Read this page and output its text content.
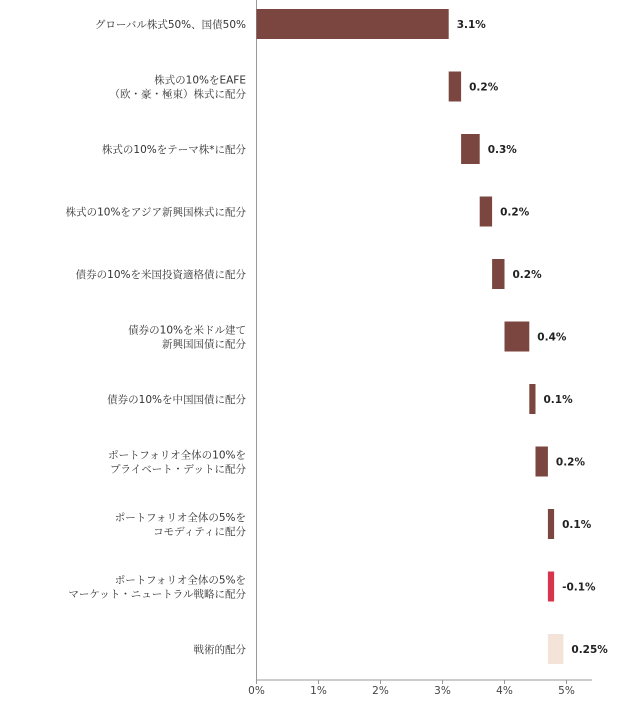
0%	1%	2%	3%	4%	5%
3.1%
グローバル株式50%、国債50%
0.2%
株式の10%をEAFE
（欧・豪・極東）株式に配分
0.3%
株式の10%をテーマ株*に配分
0.2%
株式の10%をアジア新興国株式に配分
0.2%
債券の10%を米国投資適格債に配分
0.4%
債券の10%を米ドル建て
新興国国債に配分
0.1%
債券の10%を中国国債に配分
0.2%
ポートフォリオ全体の10%を
プライベート・デットに配分
0.1%
ポートフォリオ全体の5%を
コモディティに配分
-0.1%
ポートフォリオ全体の5%を
マーケット・ニュートラル戦略に配分
0.25%
戦術的配分
